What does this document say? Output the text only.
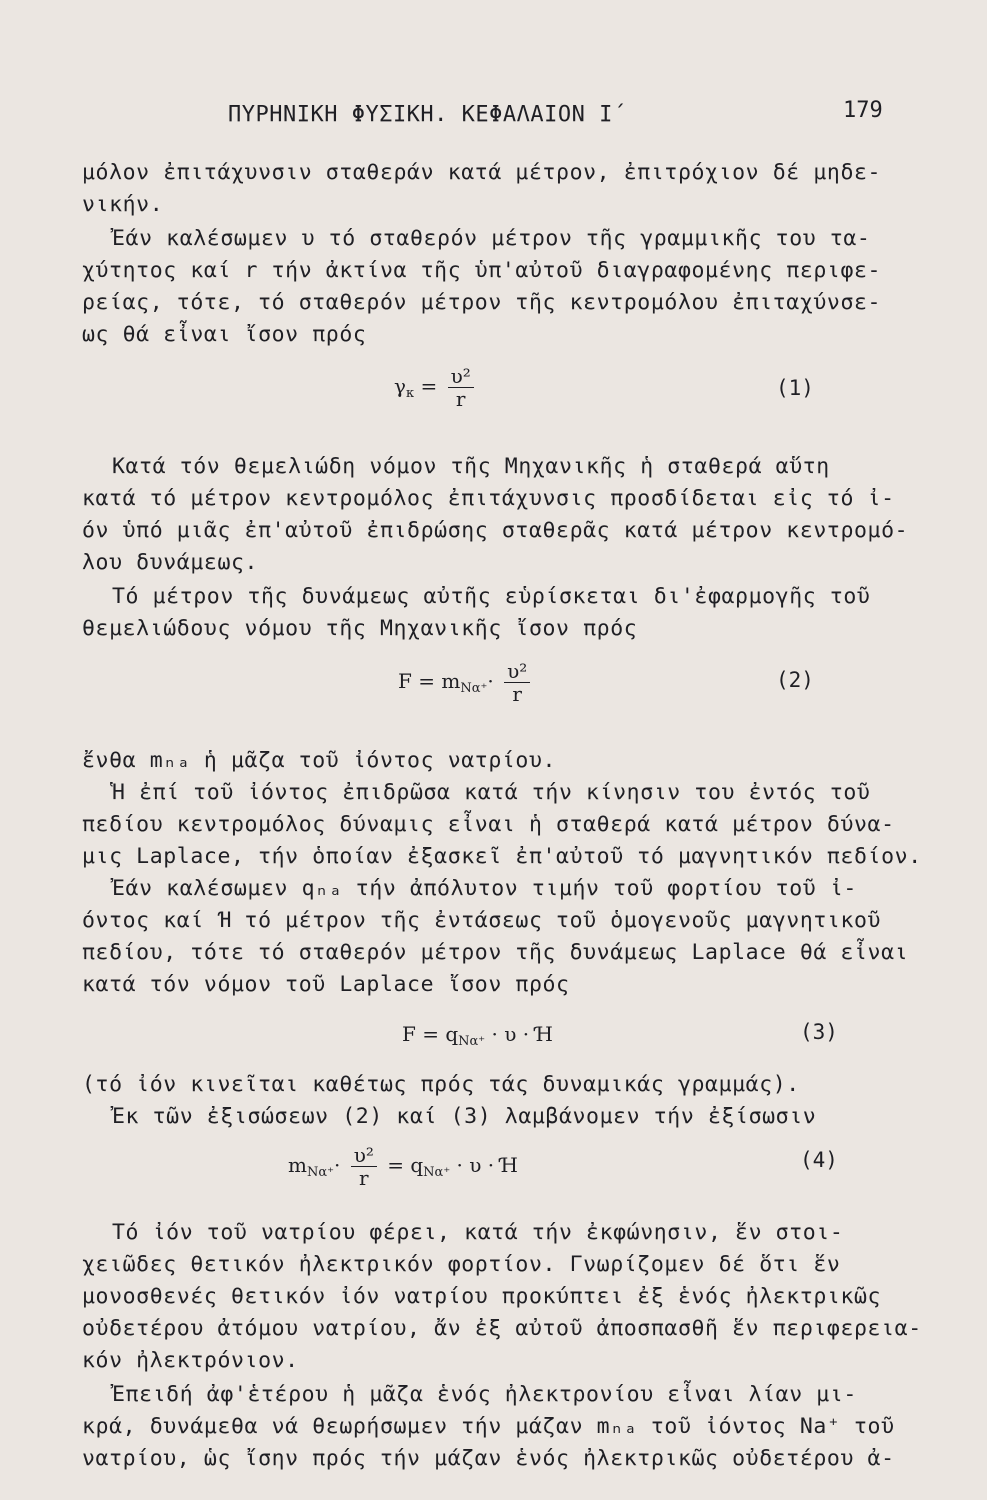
ΠΥΡΗΝΙΚΗ ΦΥΣΙΚΗ. ΚΕΦΑΛΑΙΟΝ Ι΄	179
μόλον ἐπιτάχυνσιν σταθεράν κατά μέτρον, ἐπιτρόχιον δέ μηδε-
νικήν.
Ἐάν καλέσωμεν υ τό σταθερόν μέτρον τῆς γραμμικῆς του τα-
χύτητος καί r τήν ἀκτίνα τῆς ὑπ'αὐτοῦ διαγραφομένης περιφε-
ρείας, τότε, τό σταθερόν μέτρον τῆς κεντρομόλου ἐπιταχύνσε-
ως θά εἶναι ἴσον πρός
$\gamma_\kappa = \frac{\text{υ²}}{r}$	(1)
Κατά τόν θεμελιώδη νόμον τῆς Μηχανικῆς ἡ σταθερά αὕτη
κατά τό μέτρον κεντρομόλος ἐπιτάχυνσις προσδίδεται εἰς τό ἰ-
όν ὑπό μιᾶς ἐπ'αὐτοῦ ἐπιδρώσης σταθερᾶς κατά μέτρον κεντρομό-
λου δυνάμεως.
Τό μέτρον τῆς δυνάμεως αὐτῆς εὑρίσκεται δι'ἐφαρμογῆς τοῦ
θεμελιώδους νόμου τῆς Μηχανικῆς ἴσον πρός
$F = m_{N\alpha^+}\cdot \frac{\text{υ²}}{r}$	(2)
ἔνθα mₙₐ ἡ μᾶζα τοῦ ἰόντος νατρίου.
Ἡ ἐπί τοῦ ἰόντος ἐπιδρῶσα κατά τήν κίνησιν του ἐντός τοῦ
πεδίου κεντρομόλος δύναμις εἶναι ἡ σταθερά κατά μέτρον δύνα-
μις Laplace, τήν ὁποίαν ἐξασκεῖ ἐπ'αὐτοῦ τό μαγνητικόν πεδίον.
Ἐάν καλέσωμεν qₙₐ τήν ἀπόλυτον τιμήν τοῦ φορτίου τοῦ ἰ-
όντος καί Ɦ τό μέτρον τῆς ἐντάσεως τοῦ ὁμογενοῦς μαγνητικοῦ
πεδίου, τότε τό σταθερόν μέτρον τῆς δυνάμεως Laplace θά εἶναι
κατά τόν νόμον τοῦ Laplace ἴσον πρός
$F = q_{N\alpha^+} \cdot \upsilon$ · Ɦ	(3)
(τό ἰόν κινεῖται καθέτως πρός τάς δυναμικάς γραμμάς).
Ἐκ τῶν ἐξισώσεων (2) καί (3) λαμβάνομεν τήν ἐξίσωσιν
$m_{N\alpha^+}\cdot \frac{\text{υ²}}{r} = q_{N\alpha^+} \cdot \upsilon$ · Ɦ	(4)
Τό ἰόν τοῦ νατρίου φέρει, κατά τήν ἐκφώνησιν, ἕν στοι-
χειῶδες θετικόν ἠλεκτρικόν φορτίον. Γνωρίζομεν δέ ὅτι ἕν
μονοσθενές θετικόν ἰόν νατρίου προκύπτει ἐξ ἑνός ἠλεκτρικῶς
οὐδετέρου ἀτόμου νατρίου, ἄν ἐξ αὐτοῦ ἀποσπασθῆ ἕν περιφερεια-
κόν ἠλεκτρόνιον.
Ἐπειδή ἀφ'ἑτέρου ἡ μᾶζα ἑνός ἠλεκτρονίου εἶναι λίαν μι-
κρά, δυνάμεθα νά θεωρήσωμεν τήν μάζαν mₙₐ τοῦ ἰόντος Na⁺ τοῦ
νατρίου, ὡς ἴσην πρός τήν μάζαν ἑνός ἠλεκτρικῶς οὐδετέρου ἀ-
